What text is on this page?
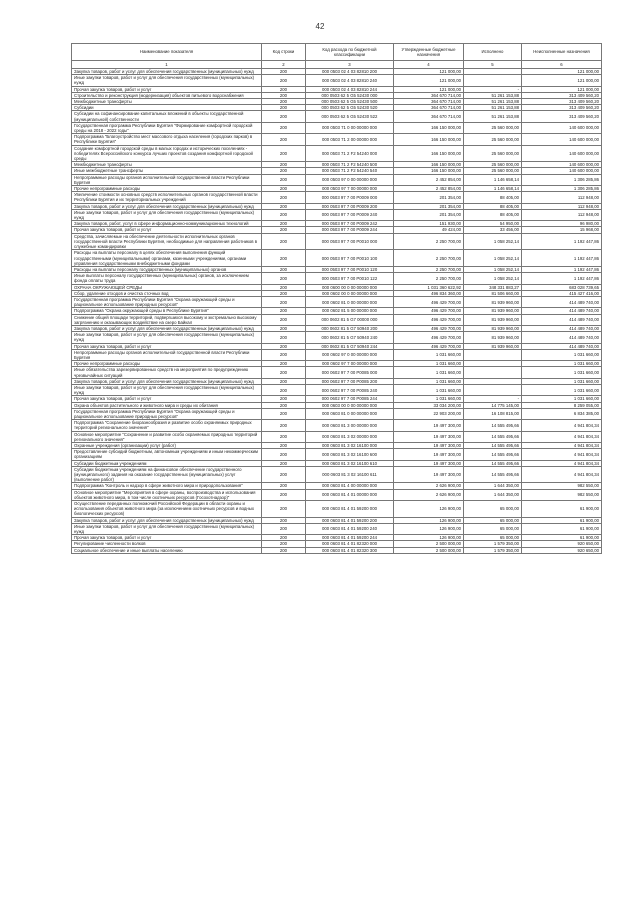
42
Наименование показателя	Код строки	Код расхода по бюджетной классификации	Утвержденные бюджетные назначения	Исполнено	Неисполненные назначения
1	2	3	4	5	6
Закупка товаров, работ и услуг для обеспечения государственных (муниципальных) нужд	200	000 0503 02 4 03 82810 200	121 000,00		121 000,00
Иные закупки товаров, работ и услуг для обеспечения государственных (муниципальных) нужд	200	000 0503 02 4 03 82810 240	121 000,00		121 000,00
Прочая закупка товаров, работ и услуг	200	000 0503 02 4 03 82810 244	121 000,00	-	121 000,00
Строительство и реконструкция (модернизация) объектов питьевого водоснабжения	200	000 0503 62 5 G5 52430 000	364 670 714,00	51 261 153,88	313 409 560,20
Межбюджетные трансферты	200	000 0503 62 5 G5 52430 500	364 670 714,00	51 261 153,88	313 409 560,20
Субсидии	200	000 0503 62 5 G5 52430 520	364 670 714,00	51 261 153,88	313 409 560,20
Субсидии на софинансирование капитальных вложений в объекты государственной (муниципальной) собственности	200	000 0503 62 5 G5 52430 522	364 670 714,00	51 261 153,88	313 409 560,20
Государственная программа Республики Бурятия "Формирование комфортной городской среды на 2018 - 2022 годы"	200	000 0503 71 0 00 00000 000	166 150 000,00	25 560 000,00	140 600 000,00
Подпрограмма "Благоустройство мест массового отдыха населения (городских парков) в Республике Бурятия"	200	000 0503 71 2 00 00000 000	166 150 000,00	25 560 000,00	140 600 000,00
Создание комфортной городской среды в малых городах и исторических поселениях - победителях Всероссийского конкурса лучших проектов создания комфортной городской среды	200	000 0503 71 2 F2 54240 000	166 150 000,00	25 560 000,00	140 600 000,00
Межбюджетные трансферты	200	000 0503 71 2 F2 54240 500	166 150 000,00	25 560 000,00	140 600 000,00
Иные межбюджетные трансферты	200	000 0503 71 2 F2 54240 540	166 150 000,00	25 560 000,00	140 600 000,00
Непрограммные расходы органов исполнительной государственной власти Республики Бурятия	200	000 0503 97 0 00 00000 000	2 452 854,00	1 146 658,14	1 306 285,86
Прочие непрограммные расходы	200	000 0503 97 7 00 00000 000	2 452 854,00	1 146 658,14	1 306 285,86
Увеличение стоимости основных средств исполнительных органов государственной власти Республики Бурятия и их территориальных учреждений	200	000 0503 97 7 00 Р0009 000	201 354,00	88 405,00	112 948,00
Закупка товаров, работ и услуг для обеспечения государственных (муниципальных) нужд	200	000 0503 97 7 00 Р0009 200	201 354,00	88 405,00	112 948,00
Иные закупки товаров, работ и услуг для обеспечения государственных (муниципальных) нужд	200	000 0503 97 7 00 Р0009 240	201 354,00	88 405,00	112 948,00
Закупка товаров, работ, услуг в сфере информационно-коммуникационных технологий	200	000 0503 97 7 00 Р0009 242	151 930,00	54 950,00	96 980,00
Прочая закупка товаров, работ и услуг	200	000 0503 97 7 00 Р0009 244	49 424,00	33 456,00	15 968,00
Средства, зачисляемые на обеспечение деятельности исполнительных органов государственной власти Республики Бурятия, необходимые для направления работников в служебные командировки	200	000 0503 97 7 00 Р0010 000	2 250 700,00	1 058 252,14	1 192 447,86
Расходы на выплаты персоналу в целях обеспечения выполнения функций государственными (муниципальными) органами, казенными учреждениями, органами управления государственными внебюджетными фондами	200	000 0503 97 7 00 Р0010 100	2 250 700,00	1 058 252,14	1 192 447,86
Расходы на выплаты персоналу государственных (муниципальных) органов	200	000 0503 97 7 00 Р0010 120	2 250 700,00	1 058 252,14	1 192 447,86
Иные выплаты персоналу государственных (муниципальных) органов, за исключением фонда оплаты труда	200	000 0503 97 7 00 Р0010 122	2 250 700,00	1 058 252,14	1 192 447,86
ОХРАНА ОКРУЖАЮЩЕЙ СРЕДЫ	200	000 0600 00 0 00 00000 000	1 031 360 622,92	348 331 883,27	683 028 739,65
Сбор, удаление отходов и очистка сточных вод	200	000 0602 00 0 00 00000 000	496 834 360,00	81 506 660,00	415 427 416,00
Государственная программа Республики Бурятия "Охрана окружающей среды и рациональное использование природных ресурсов"	200	000 0602 81 0 00 00000 000	496 429 700,00	81 939 960,00	414 489 740,00
Подпрограмма "Охрана окружающей среды в Республике Бурятия"	200	000 0602 81 5 00 00000 000	496 429 700,00	81 939 960,00	414 489 740,00
Снижение общей площади территорий, подвергшихся высокому и экстремально высокому загрязнению и оказывающих воздействие на озеро Байкал	200	000 0602 81 5 G7 00000 000	496 429 700,00	81 939 960,00	414 489 740,00
Закупка товаров, работ и услуг для обеспечения государственных (муниципальных) нужд	200	000 0602 81 5 G7 50940 200	496 429 700,00	81 939 960,00	414 489 740,00
Иные закупки товаров, работ и услуг для обеспечения государственных (муниципальных) нужд	200	000 0602 81 5 G7 50940 240	496 429 700,00	81 939 960,00	414 489 740,00
Прочая закупка товаров, работ и услуг	200	000 0602 81 5 G7 50940 244	496 429 700,00	81 939 960,00	414 489 740,00
Непрограммные расходы органов исполнительной государственной власти Республики Бурятия	200	000 0602 97 0 00 00000 000	1 031 660,00		1 031 660,00
Прочие непрограммные расходы	200	000 0602 97 7 00 00000 000	1 031 660,00		1 031 660,00
Иные обязательства зарезервированных средств на мероприятия по предупреждению чрезвычайных ситуаций	200	000 0602 97 7 00 Р0085 000	1 031 660,00		1 031 660,00
Закупка товаров, работ и услуг для обеспечения государственных (муниципальных) нужд	200	000 0602 97 7 00 Р0085 200	1 031 660,00		1 031 660,00
Иные закупки товаров, работ и услуг для обеспечения государственных (муниципальных) нужд	200	000 0602 97 7 00 Р0085 240	1 031 660,00		1 031 660,00
Прочая закупка товаров, работ и услуг	200	000 0602 97 7 00 Р0085 244	1 031 660,00	-	1 031 660,00
Охрана объектов растительного и животного мира и среды их обитания	200	000 0603 00 0 00 00000 000	33 034 200,00	14 775 145,00	8 259 055,00
Государственная программа Республики Бурятия "Охрана окружающей среды и рациональное использование природных ресурсов"	200	000 0603 81 0 00 00000 000	22 903 200,00	16 108 815,00	6 834 385,00
Подпрограмма "Сохранение биоразнообразия и развитие особо охраняемых природных территорий регионального значения"	200	000 0603 81 3 00 00000 000	19 497 300,00	14 555 495,66	4 941 804,34
Основное мероприятие "Сохранение и развитие особо охраняемых природных территорий регионального значения"	200	000 0603 81 3 02 00000 000	19 497 300,00	14 555 495,66	4 941 804,34
Охранные учреждения (организации) услуг (работ)	200	000 0603 81 3 02 16100 000	19 497 300,00	14 555 495,66	4 941 804,34
Предоставление субсидий бюджетным, автономным учреждениям и иным некоммерческим организациям	200	000 0603 81 3 02 16100 600	19 497 300,00	14 555 495,66	4 941 804,34
Субсидии бюджетным учреждениям	200	000 0603 81 3 02 16100 610	19 497 300,00	14 555 495,66	4 941 804,34
Субсидии бюджетным учреждениям на финансовое обеспечение государственного (муниципального) задания на оказание государственных (муниципальных) услуг (выполнение работ)	200	000 0603 81 3 02 16100 611	19 497 300,00	14 555 495,66	4 941 804,34
Подпрограмма "Контроль и надзор в сфере животного мира и природопользования"	200	000 0603 81 4 00 00000 000	2 626 900,00	1 644 350,00	982 550,00
Основное мероприятие "Мероприятия в сфере охраны, воспроизводства и использования объектов животного мира, в том числе охотничьих ресурсов (Госохотнадзор)"	200	000 0603 81 4 01 00000 000	2 626 900,00	1 644 350,00	982 550,00
Осуществление переданных полномочий Российской Федерации в области охраны и использования объектов животного мира (за исключением охотничьих ресурсов и водных биологических ресурсов)	200	000 0603 81 4 01 59200 000	126 900,00	65 000,00	61 900,00
Закупка товаров, работ и услуг для обеспечения государственных (муниципальных) нужд	200	000 0603 81 4 01 59200 200	126 900,00	65 000,00	61 900,00
Иные закупки товаров, работ и услуг для обеспечения государственных (муниципальных) нужд	200	000 0603 81 4 01 59200 240	126 900,00	65 000,00	61 900,00
Прочая закупка товаров, работ и услуг	200	000 0603 81 4 01 59200 244	126 900,00	65 000,00	61 900,00
Регулирование численности волков	200	000 0603 81 4 01 82320 000	2 500 000,00	1 579 350,00	920 650,00
Социальное обеспечение и иные выплаты населению	200	000 0603 81 4 01 82320 300	2 500 000,00	1 579 350,00	920 650,00
